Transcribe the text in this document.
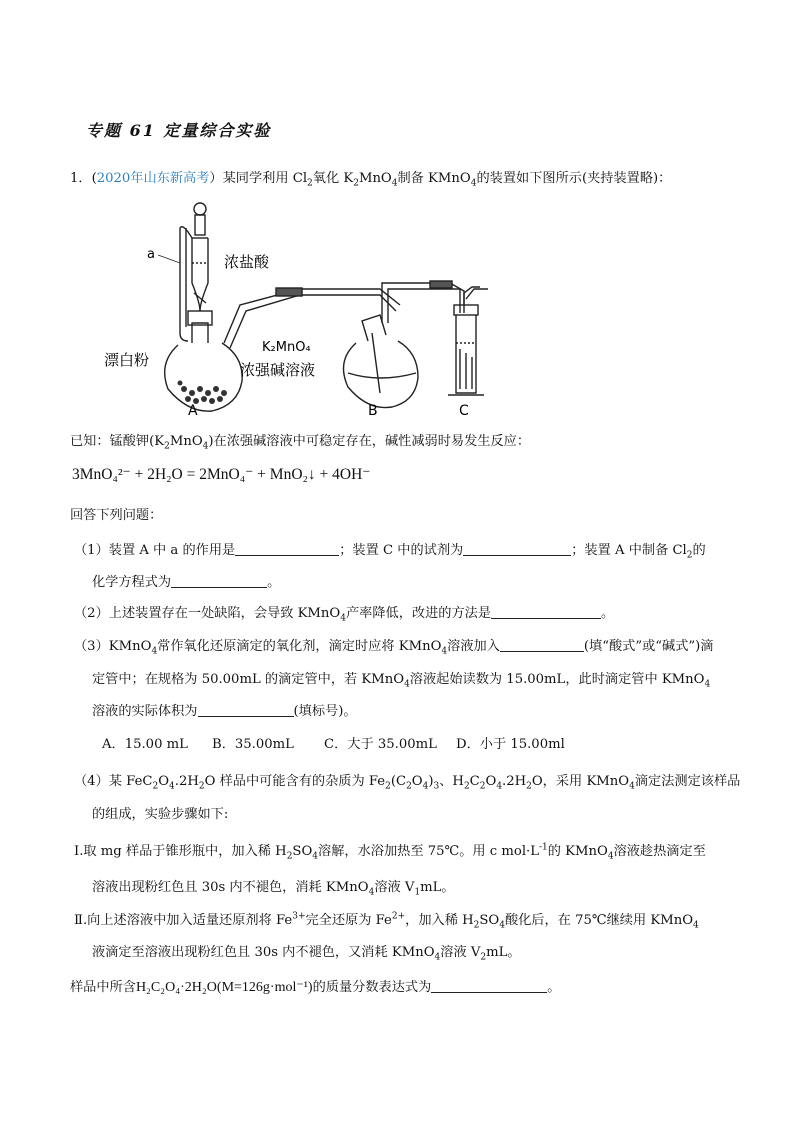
专题 61 定量综合实验
1．(2020年山东新高考）某同学利用 $Cl_2$氧化 $K_2MnO_4$制备 KMnO$_4$的装置如下图所示(夹持装置略)：
a	浓盐酸
漂白粉
K₂MnO₄
浓强碱溶液
A	B	C
已知：锰酸钾$(K_2MnO_4)$在浓强碱溶液中可稳定存在，碱性减弱时易发生反应：
3MnO₄²⁻ + 2H₂O = 2MnO₄⁻ + MnO₂↓ + 4OH⁻
回答下列问题：
（1）装置 A 中 a 的作用是	；装置 C 中的试剂为	；装置 A 中制备 $Cl_2$的
化学方程式为	。
（2）上述装置存在一处缺陷，会导致 KMnO$_4$产率降低，改进的方法是	。
（3）KMnO$_4$常作氧化还原滴定的氧化剂，滴定时应将 KMnO$_4$溶液加入	(填“酸式”或“碱式”)滴
定管中；在规格为 50.00mL 的滴定管中，若 KMnO$_4$溶液起始读数为 15.00mL，此时滴定管中 KMnO$_4$
溶液的实际体积为	(填标号)。
A．15.00 mL B．35.00mL C．大于 35.00mL D．小于 15.00ml
（4）某 $FeC_2O_4.2H_2O$ 样品中可能含有的杂质为 $Fe_2(C_2O_4)_3$、$H_2C_2O_4.2H_2O$，采用 KMnO$_4$滴定法测定该样品
的组成，实验步骤如下:
Ⅰ.取 mg 样品于锥形瓶中，加入稀 $H_2SO_4$溶解，水浴加热至 75℃。用 c $mol\cdot L^{-1}$的 KMnO$_4$溶液趁热滴定至
溶液出现粉红色且 30s 内不褪色，消耗 KMnO$_4$溶液 $V_1mL$。
Ⅱ.向上述溶液中加入适量还原剂将 $Fe^{3+}$完全还原为 $Fe^{2+}$，加入稀 $H_2SO_4$酸化后，在 75℃继续用 KMnO$_4$
液滴定至溶液出现粉红色且 30s 内不褪色，又消耗 KMnO$_4$溶液 $V_2mL$。
样品中所含H₂C₂O₄·2H₂O(M=126g·mol⁻¹)的质量分数表达式为	。
